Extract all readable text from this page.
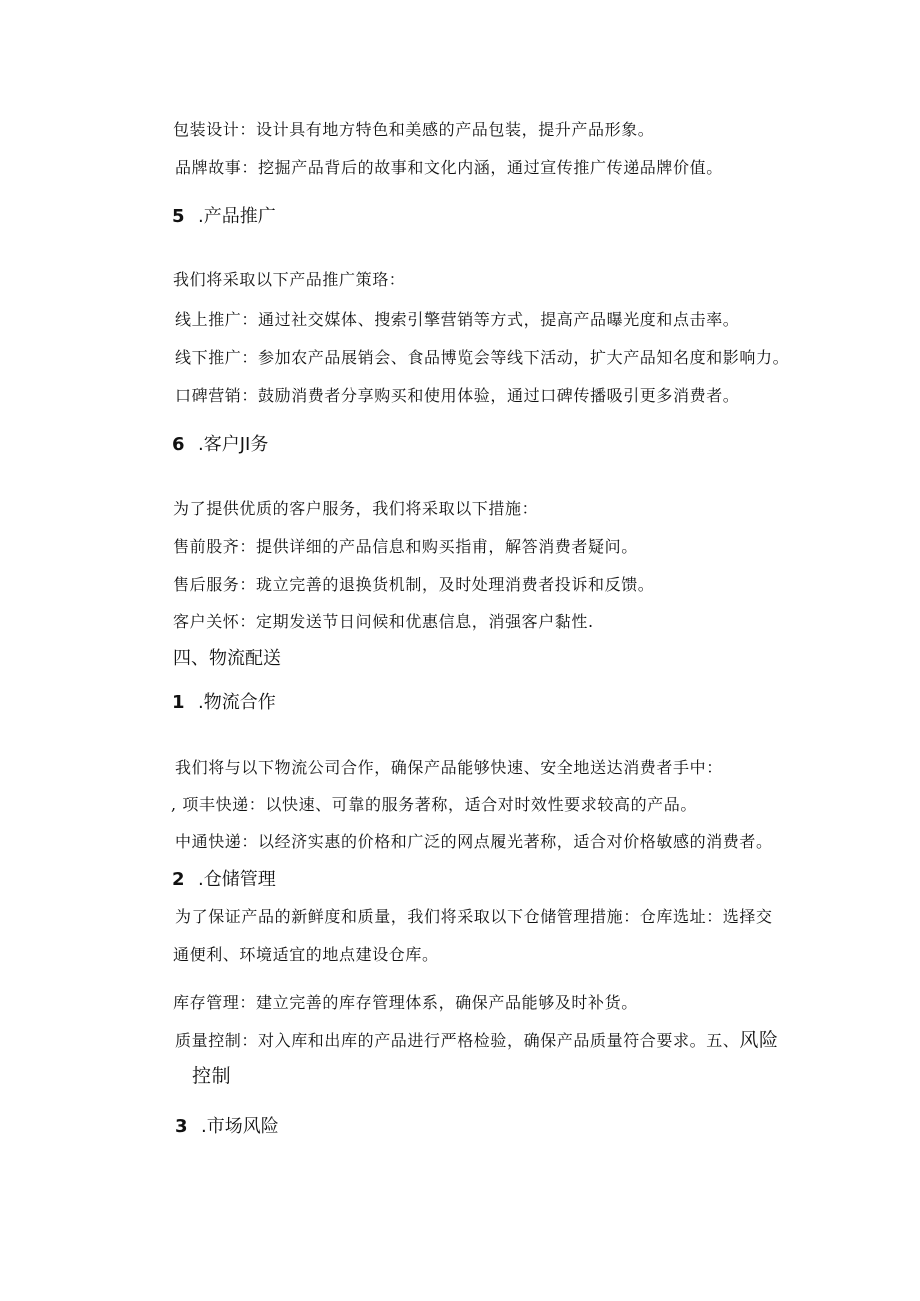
包装设计：设计具有地方特色和美感的产品包装，提升产品形象。
品牌故事：挖掘产品背后的故事和文化内涵，通过宣传推广传递品牌价值。
5 .产品推广
我们将采取以下产品推广策珞：
线上推广：通过社交媒体、搜索引擎营销等方式，提高产品曝光度和点击率。
线下推广：参加农产品展销会、食品博览会等线下活动，扩大产品知名度和影响力。
口碑营销：鼓励消费者分享购买和使用体验，通过口碑传播吸引更多消费者。
6 .客户JI务
为了提供优质的客户服务，我们将采取以下措施：
售前股齐：提供详细的产品信息和购买指甫，解答消费者疑问。
售后服务：珑立完善的退换货机制，及时处理消费者投诉和反馈。
客户关怀：定期发送节日问候和优惠信息，消强客户黏性.
四、物流配送
1 .物流合作
我们将与以下物流公司合作，确保产品能够快速、安全地送达消费者手中：
, 项丰快递：以快速、可靠的服务著称，适合对时效性要求较高的产品。
中通快递：以经济实惠的价格和广泛的网点履光著称，适合对价格敏感的消费者。
2 .仓储管理
为了保证产品的新鲜度和质量，我们将采取以下仓储管理措施：仓库选址：选择交
通便利、环境适宜的地点建设仓库。
库存管理：建立完善的库存管理体系，确保产品能够及时补货。
质量控制：对入库和出库的产品进行严格检验，确保产品质量符合要求。五、风险
控制
3 .市场风险
